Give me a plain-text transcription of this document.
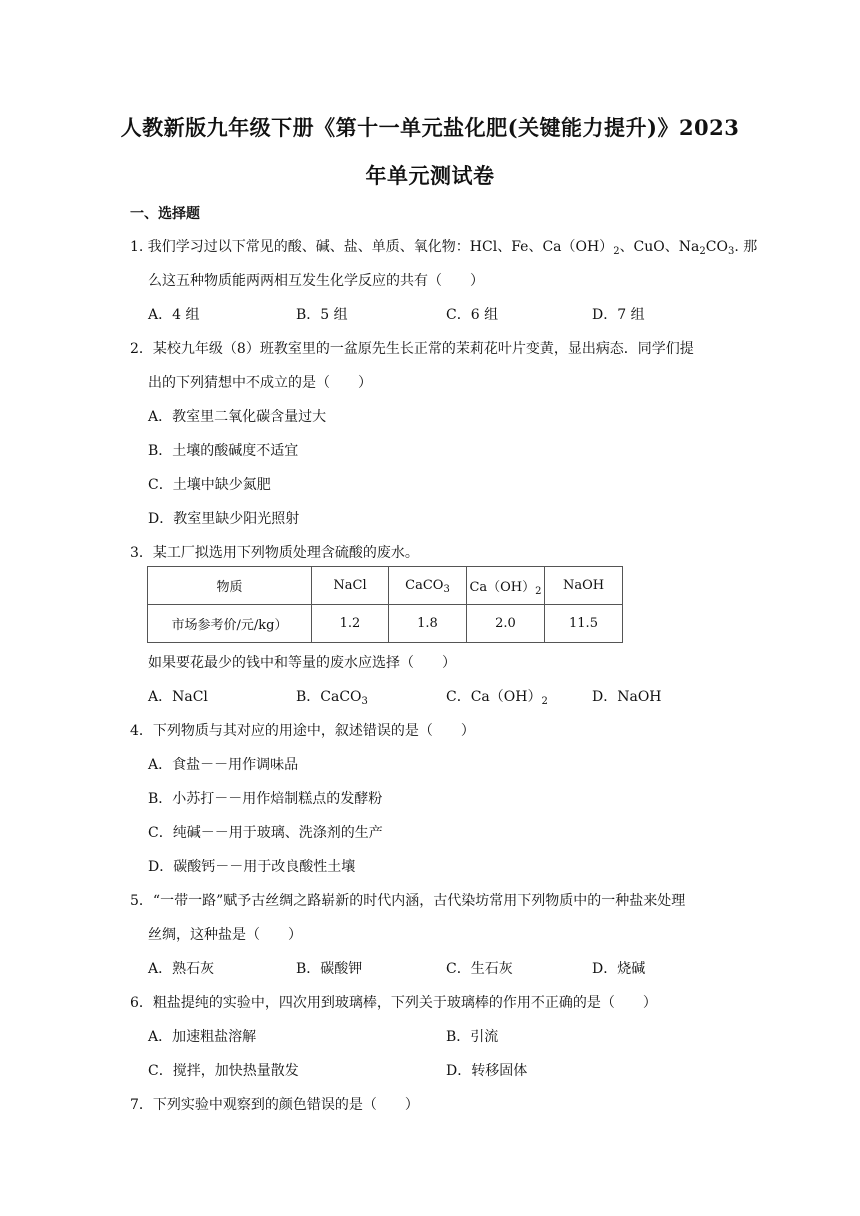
人教新版九年级下册《第十一单元盐化肥(关键能力提升)》2023
年单元测试卷
一、选择题
1. 我们学习过以下常见的酸、碱、盐、单质、氧化物：HCl、Fe、$Ca(OH)_2$、CuO、$Na_2CO_3$. 那
么这五种物质能两两相互发生化学反应的共有（　　）
A．4 组	B．5 组	C．6 组	D．7 组
2．某校九年级（8）班教室里的一盆原先生长正常的茉莉花叶片变黄，显出病态．同学们提
出的下列猜想中不成立的是（　　）
A．教室里二氧化碳含量过大
B．土壤的酸碱度不适宜
C．土壤中缺少氮肥
D．教室里缺少阳光照射
3．某工厂拟选用下列物质处理含硫酸的废水。
物质	NaCl	CaCO$_3$	$Ca(OH)_2$	NaOH
市场参考价/元/kg）	1.2	1.8	2.0	11.5
如果要花最少的钱中和等量的废水应选择（　　）
A．NaCl	B．CaCO$_3$	C．$Ca(OH)_2$	D．NaOH
4．下列物质与其对应的用途中，叙述错误的是（　　）
A．食盐－－用作调味品
B．小苏打－－用作焙制糕点的发酵粉
C．纯碱－－用于玻璃、洗涤剂的生产
D．碳酸钙－－用于改良酸性土壤
5．“一带一路”赋予古丝绸之路崭新的时代内涵，古代染坊常用下列物质中的一种盐来处理
丝绸，这种盐是（　　）
A．熟石灰	B．碳酸钾	C．生石灰	D．烧碱
6．粗盐提纯的实验中，四次用到玻璃棒，下列关于玻璃棒的作用不正确的是（　　）
A．加速粗盐溶解	B．引流
C．搅拌，加快热量散发	D．转移固体
7．下列实验中观察到的颜色错误的是（　　）
